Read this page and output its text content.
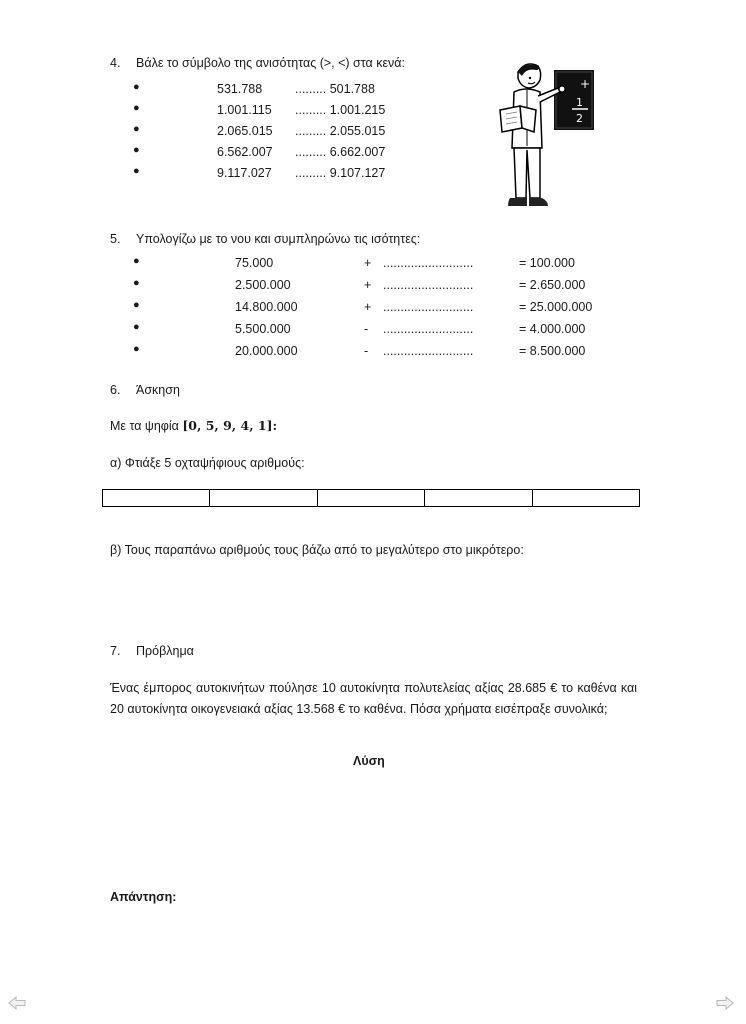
4. Βάλε το σύμβολο της ανισότητας (>, <) στα κενά:
●	531.788	......... 501.788
●	1.001.115 ......... 1.001.215
●	2.065.015 ......... 2.055.015
●	6.562.007 ......... 6.662.007
●	9.117.027 ......... 9.107.127
+
1
2
5. Υπολογίζω με το νου και συμπληρώνω τις ισότητες:
●	75.000	+ ..........................	= 100.000
●	2.500.000	+ ..........................	= 2.650.000
●	14.800.000	+ ..........................	= 25.000.000
●	5.500.000	- ..........................	= 4.000.000
●	20.000.000	- ..........................	= 8.500.000
6. Άσκηση
Με τα ψηφία [0, 5, 9, 4, 1]:
α) Φτιάξε 5 οχταψήφιους αριθμούς:

β) Τους παραπάνω αριθμούς τους βάζω από το μεγαλύτερο στο μικρότερο:
7. Πρόβλημα
Ένας έμπορος αυτοκινήτων πούλησε 10 αυτοκίνητα πολυτελείας αξίας 28.685 € το καθένα και 20 αυτοκίνητα οικογενειακά αξίας 13.568 € το καθένα. Πόσα χρήματα εισέπραξε συνολικά;
Λύση
Απάντηση:
